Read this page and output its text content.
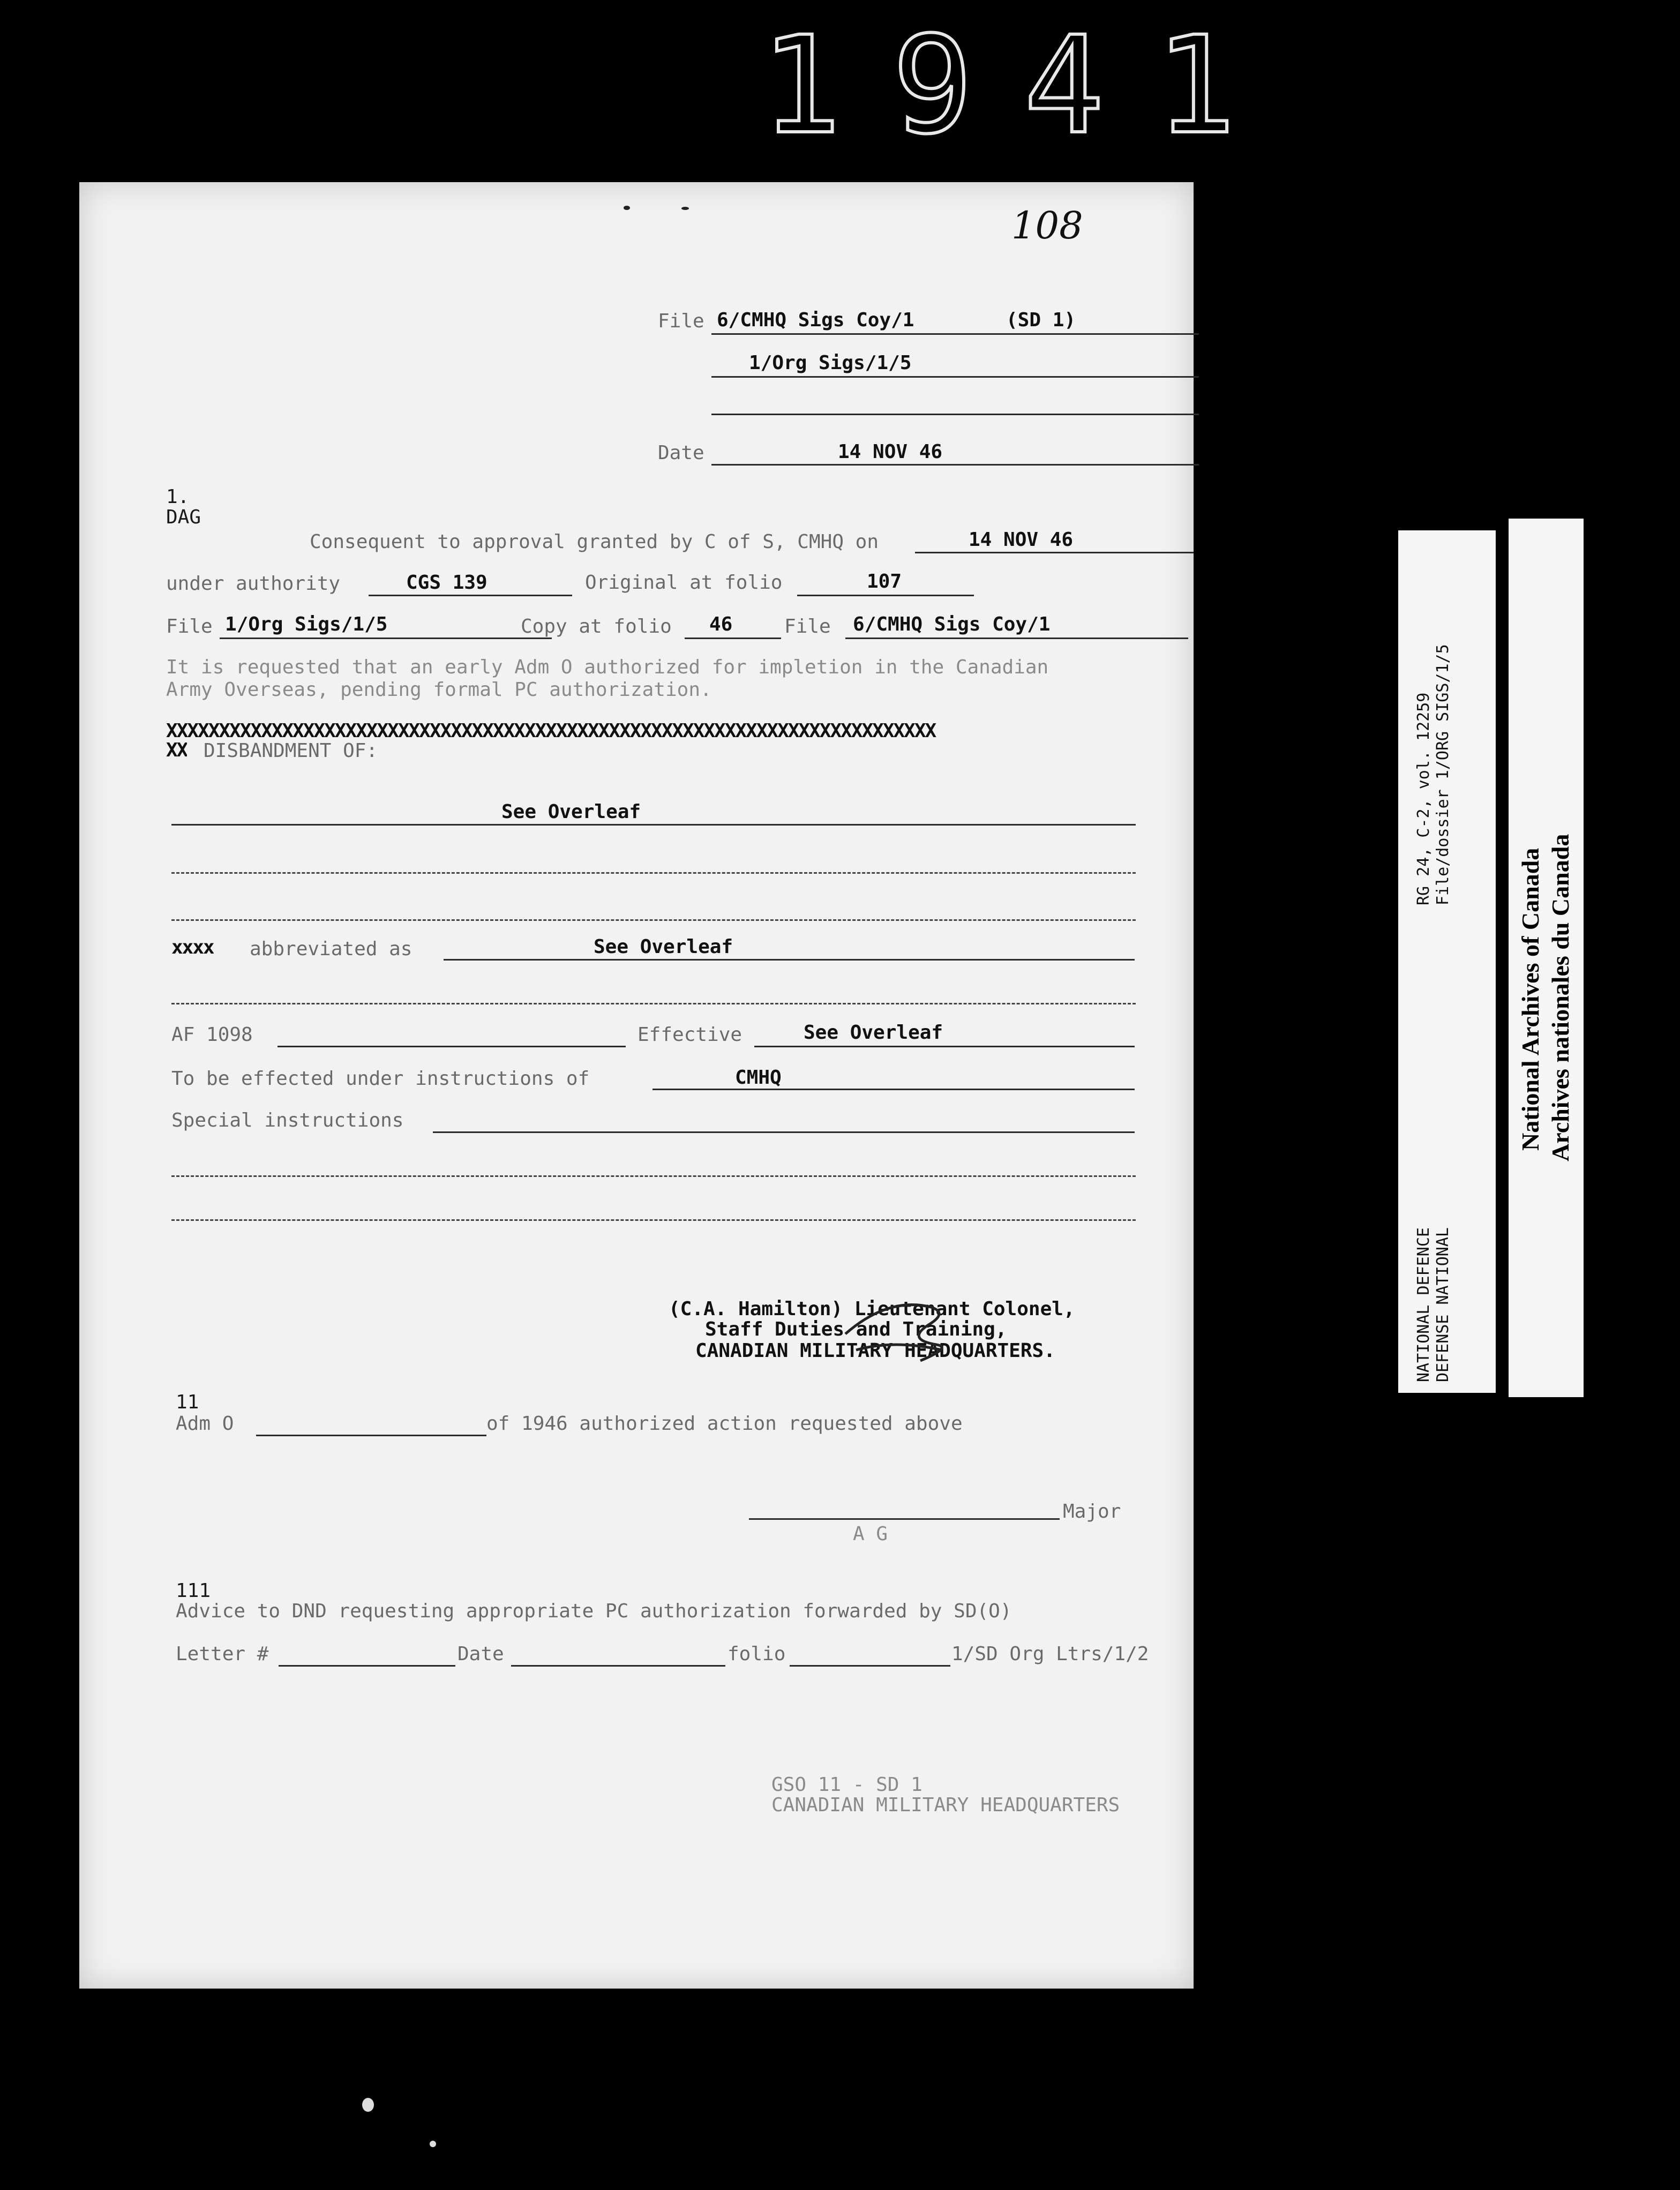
1941
108
File 6/CMHQ Sigs Coy/1	(SD 1)
1/Org Sigs/1/5
Date	14 NOV 46
1.
DAG
Consequent to approval granted by C of S, CMHQ on	14 NOV 46
under authority	CGS 139	Original at folio	107
File 1/Org Sigs/1/5	Copy at folio 46	File 6/CMHQ Sigs Coy/1
It is requested that an early Adm O authorized for impletion in the Canadian
Army Overseas, pending formal PC authorization.
XXXXXXXXXXXXXXXXXXXXXXXXXXXXXXXXXXXXXXXXXXXXXXXXXXXXXXXXXXXXXXXXXXXXXXXXX
XX DISBANDMENT OF:
See Overleaf
xxxx abbreviated as	See Overleaf
AF 1098	Effective	See Overleaf
To be effected under instructions of	CMHQ
Special instructions
(C.A. Hamilton) Lieutenant Colonel,
Staff Duties and Training,
CANADIAN MILITARY HEADQUARTERS.
11
Adm O	of 1946 authorized action requested above
Major
A G
111
Advice to DND requesting appropriate PC authorization forwarded by SD(O)
Letter #	Date	folio	1/SD Org Ltrs/1/2
GSO 11 - SD 1
CANADIAN MILITARY HEADQUARTERS
RG 24, C-2, vol. 12259 File/dossier 1/ORG SIGS/1/5
NATIONAL DEFENCE DEFENSE NATIONAL
National Archives of Canada Archives nationales du Canada
